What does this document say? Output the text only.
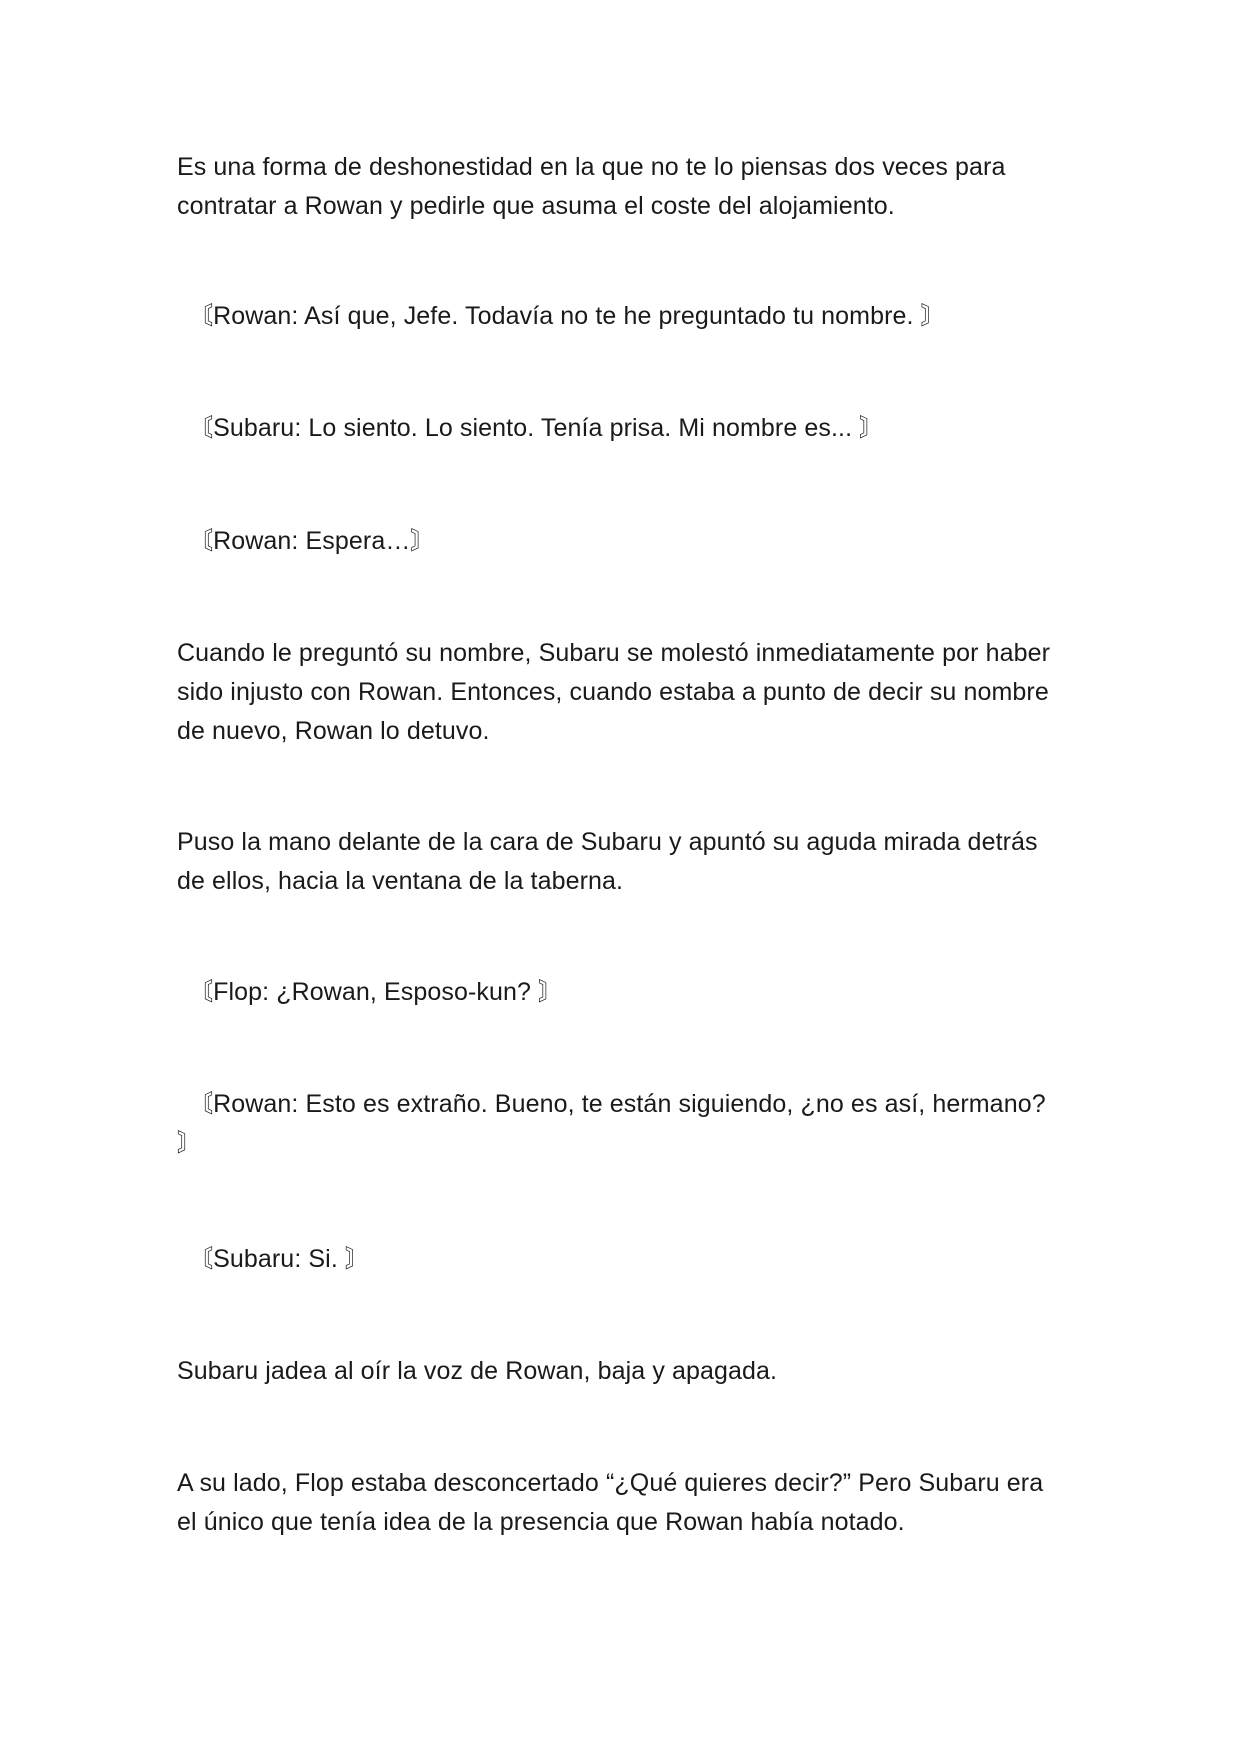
Es una forma de deshonestidad en la que no te lo piensas dos veces para contratar a Rowan y pedirle que asuma el coste del alojamiento.

〘Rowan: Así que, Jefe. Todavía no te he preguntado tu nombre. 〙

〘Subaru: Lo siento. Lo siento. Tenía prisa. Mi nombre es... 〙

〘Rowan: Espera…〙

Cuando le preguntó su nombre, Subaru se molestó inmediatamente por haber sido injusto con Rowan. Entonces, cuando estaba a punto de decir su nombre de nuevo, Rowan lo detuvo.

Puso la mano delante de la cara de Subaru y apuntó su aguda mirada detrás de ellos, hacia la ventana de la taberna.

〘Flop: ¿Rowan, Esposo-kun? 〙

〘Rowan: Esto es extraño. Bueno, te están siguiendo, ¿no es así, hermano? 〙

〘Subaru: Si. 〙

Subaru jadea al oír la voz de Rowan, baja y apagada.

A su lado, Flop estaba desconcertado “¿Qué quieres decir?” Pero Subaru era el único que tenía idea de la presencia que Rowan había notado.
